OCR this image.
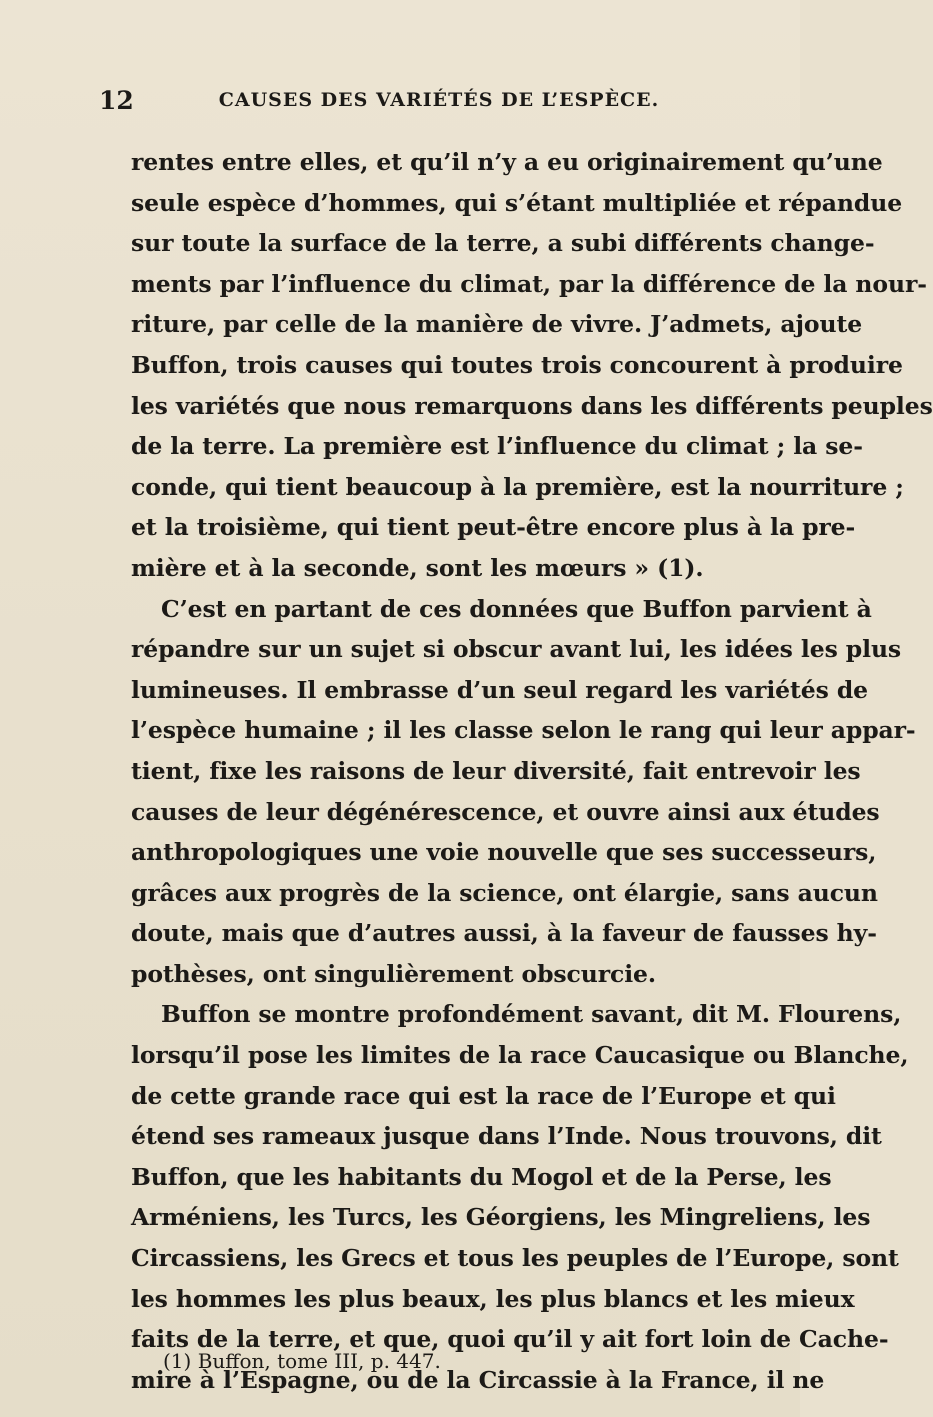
12	CAUSES DES VARIÉTÉS DE L’ESPÈCE.
rentes entre elles, et qu’il n’y a eu originairement qu’une
seule espèce d’hommes, qui s’étant multipliée et répandue
sur toute la surface de la terre, a subi différents change-
ments par l’influence du climat, par la différence de la nour-
riture, par celle de la manière de vivre. J’admets, ajoute
Buffon, trois causes qui toutes trois concourent à produire
les variétés que nous remarquons dans les différents peuples
de la terre. La première est l’influence du climat ; la se-
conde, qui tient beaucoup à la première, est la nourriture ;
et la troisième, qui tient peut-être encore plus à la pre-
mière et à la seconde, sont les mœurs » (1).
C’est en partant de ces données que Buffon parvient à
répandre sur un sujet si obscur avant lui, les idées les plus
lumineuses. Il embrasse d’un seul regard les variétés de
l’espèce humaine ; il les classe selon le rang qui leur appar-
tient, fixe les raisons de leur diversité, fait entrevoir les
causes de leur dégénérescence, et ouvre ainsi aux études
anthropologiques une voie nouvelle que ses successeurs,
grâces aux progrès de la science, ont élargie, sans aucun
doute, mais que d’autres aussi, à la faveur de fausses hy-
pothèses, ont singulièrement obscurcie.
Buffon se montre profondément savant, dit M. Flourens,
lorsqu’il pose les limites de la race Caucasique ou Blanche,
de cette grande race qui est la race de l’Europe et qui
étend ses rameaux jusque dans l’Inde. Nous trouvons, dit
Buffon, que les habitants du Mogol et de la Perse, les
Arméniens, les Turcs, les Géorgiens, les Mingreliens, les
Circassiens, les Grecs et tous les peuples de l’Europe, sont
les hommes les plus beaux, les plus blancs et les mieux
faits de la terre, et que, quoi qu’il y ait fort loin de Cache-
mire à l’Espagne, ou de la Circassie à la France, il ne
(1) Buffon, tome III, p. 447.
